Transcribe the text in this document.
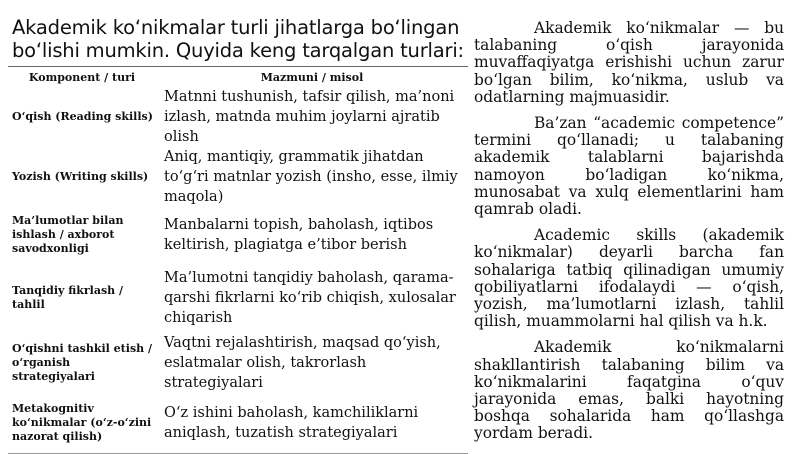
Akademik ko‘nikmalar turli jihatlarga bo‘lingan
bo‘lishi mumkin. Quyida keng tarqalgan turlari:
Komponent / turi	Mazmuni / misol
O‘qish (Reading skills)	Matnni tushunish, tafsir qilish, ma’noni izlash, matnda muhim joylarni ajratib olish
Yozish (Writing skills)	Aniq, mantiqiy, grammatik jihatdan to‘g‘ri matnlar yozish (insho, esse, ilmiy maqola)
Ma’lumotlar bilan ishlash / axborot savodxonligi	Manbalarni topish, baholash, iqtibos keltirish, plagiatga e’tibor berish
Tanqidiy fikrlash / tahlil	Ma’lumotni tanqidiy baholash, qarama-qarshi fikrlarni ko‘rib chiqish, xulosalar chiqarish
O‘qishni tashkil etish / o‘rganish strategiyalari	Vaqtni rejalashtirish, maqsad qo‘yish, eslatmalar olish, takrorlash strategiyalari
Metakognitiv ko‘nikmalar (o‘z-o‘zini nazorat qilish)	O‘z ishini baholash, kamchiliklarni aniqlash, tuzatish strategiyalari

Akademik ko‘nikmalar — bu talabaning o‘qish jarayonida muvaffaqiyatga erishishi uchun zarur bo‘lgan bilim, ko‘nikma, uslub va odatlarning majmuasidir.

Ba’zan “academic competence” termini qo‘llanadi; u talabaning akademik talablarni bajarishda namoyon bo‘ladigan ko‘nikma, munosabat va xulq elementlarini ham qamrab oladi.

Academic skills (akademik ko‘nikmalar) deyarli barcha fan sohalariga tatbiq qilinadigan umumiy qobiliyatlarni ifodalaydi — o‘qish, yozish, ma’lumotlarni izlash, tahlil qilish, muammolarni hal qilish va h.k.

Akademik ko‘nikmalarni shakllantirish talabaning bilim va ko‘nikmalarini faqatgina o‘quv jarayonida emas, balki hayotning boshqa sohalarida ham qo‘llashga yordam beradi.
